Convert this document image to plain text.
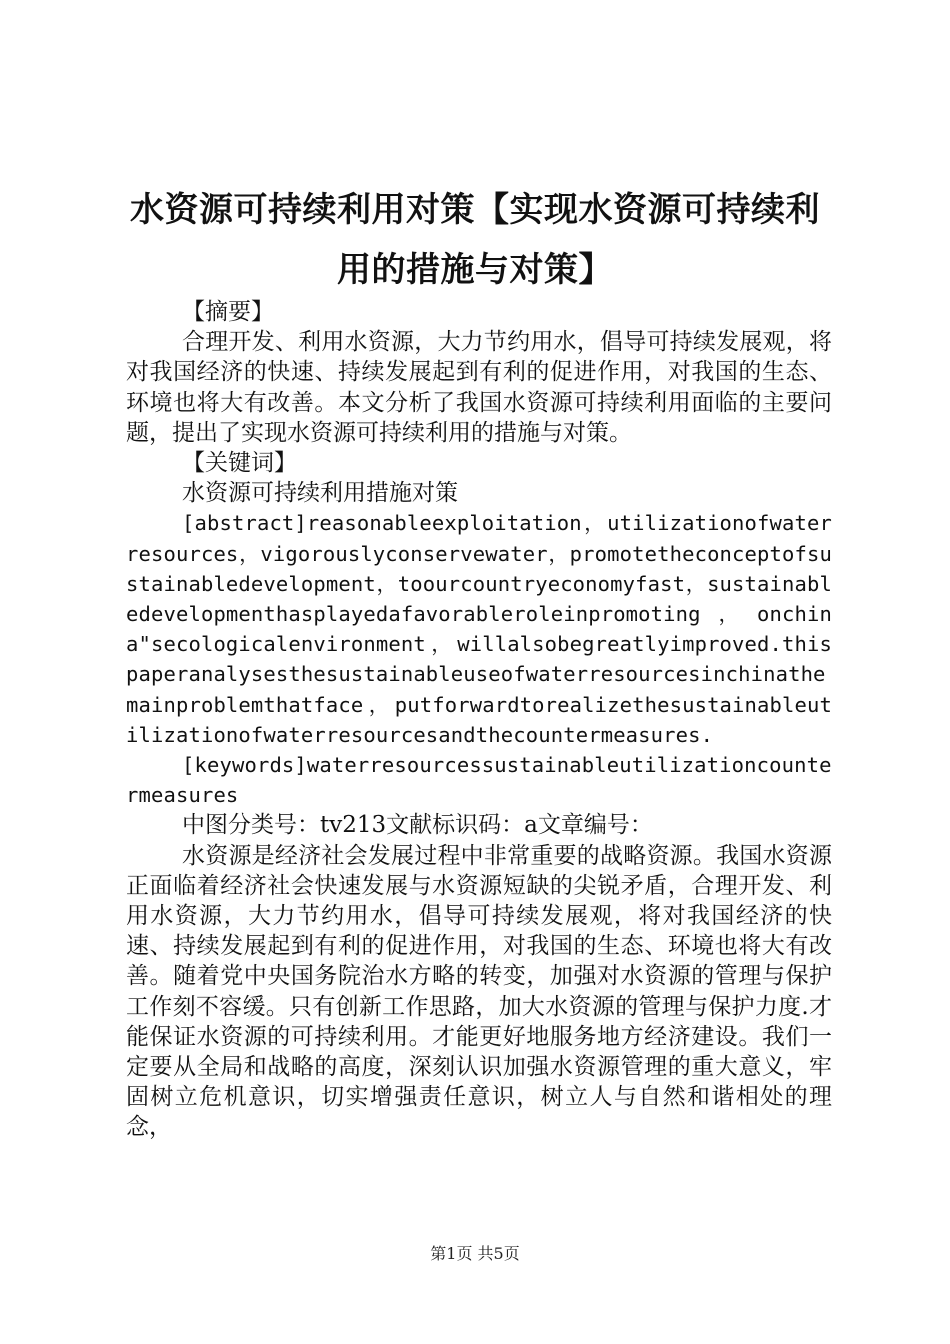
水资源可持续利用对策【实现水资源可持续利
用的措施与对策】

【摘要】

合理开发、利用水资源，大力节约用水，倡导可持续发展观，将对我国经济的快速、持续发展起到有利的促进作用，对我国的生态、环境也将大有改善。本文分析了我国水资源可持续利用面临的主要问题，提出了实现水资源可持续利用的措施与对策。

【关键词】

水资源可持续利用措施对策

[abstract]reasonableexploitation，utilizationofwaterresources，vigorouslyconservewater，promotetheconceptofsustainabledevelopment，toourcountryeconomyfast，sustainabledevelopmenthasplayedafavorableroleinpromoting，onchina"secologicalenvironment，willalsobegreatlyimproved.thispaperanalysesthesustainableuseofwaterresourcesinchinathemainproblemthatface，putforwardtorealizethesustainableutilizationofwaterresourcesandthecountermeasures.

[keywords]waterresourcessustainableutilizationcountermeasures

中图分类号：tv213文献标识码：a文章编号：

水资源是经济社会发展过程中非常重要的战略资源。我国水资源正面临着经济社会快速发展与水资源短缺的尖锐矛盾，合理开发、利用水资源，大力节约用水，倡导可持续发展观，将对我国经济的快速、持续发展起到有利的促进作用，对我国的生态、环境也将大有改善。随着党中央国务院治水方略的转变，加强对水资源的管理与保护工作刻不容缓。只有创新工作思路，加大水资源的管理与保护力度.才能保证水资源的可持续利用。才能更好地服务地方经济建设。我们一定要从全局和战略的高度，深刻认识加强水资源管理的重大意义，牢固树立危机意识，切实增强责任意识，树立人与自然和谐相处的理念，

第1页 共5页
